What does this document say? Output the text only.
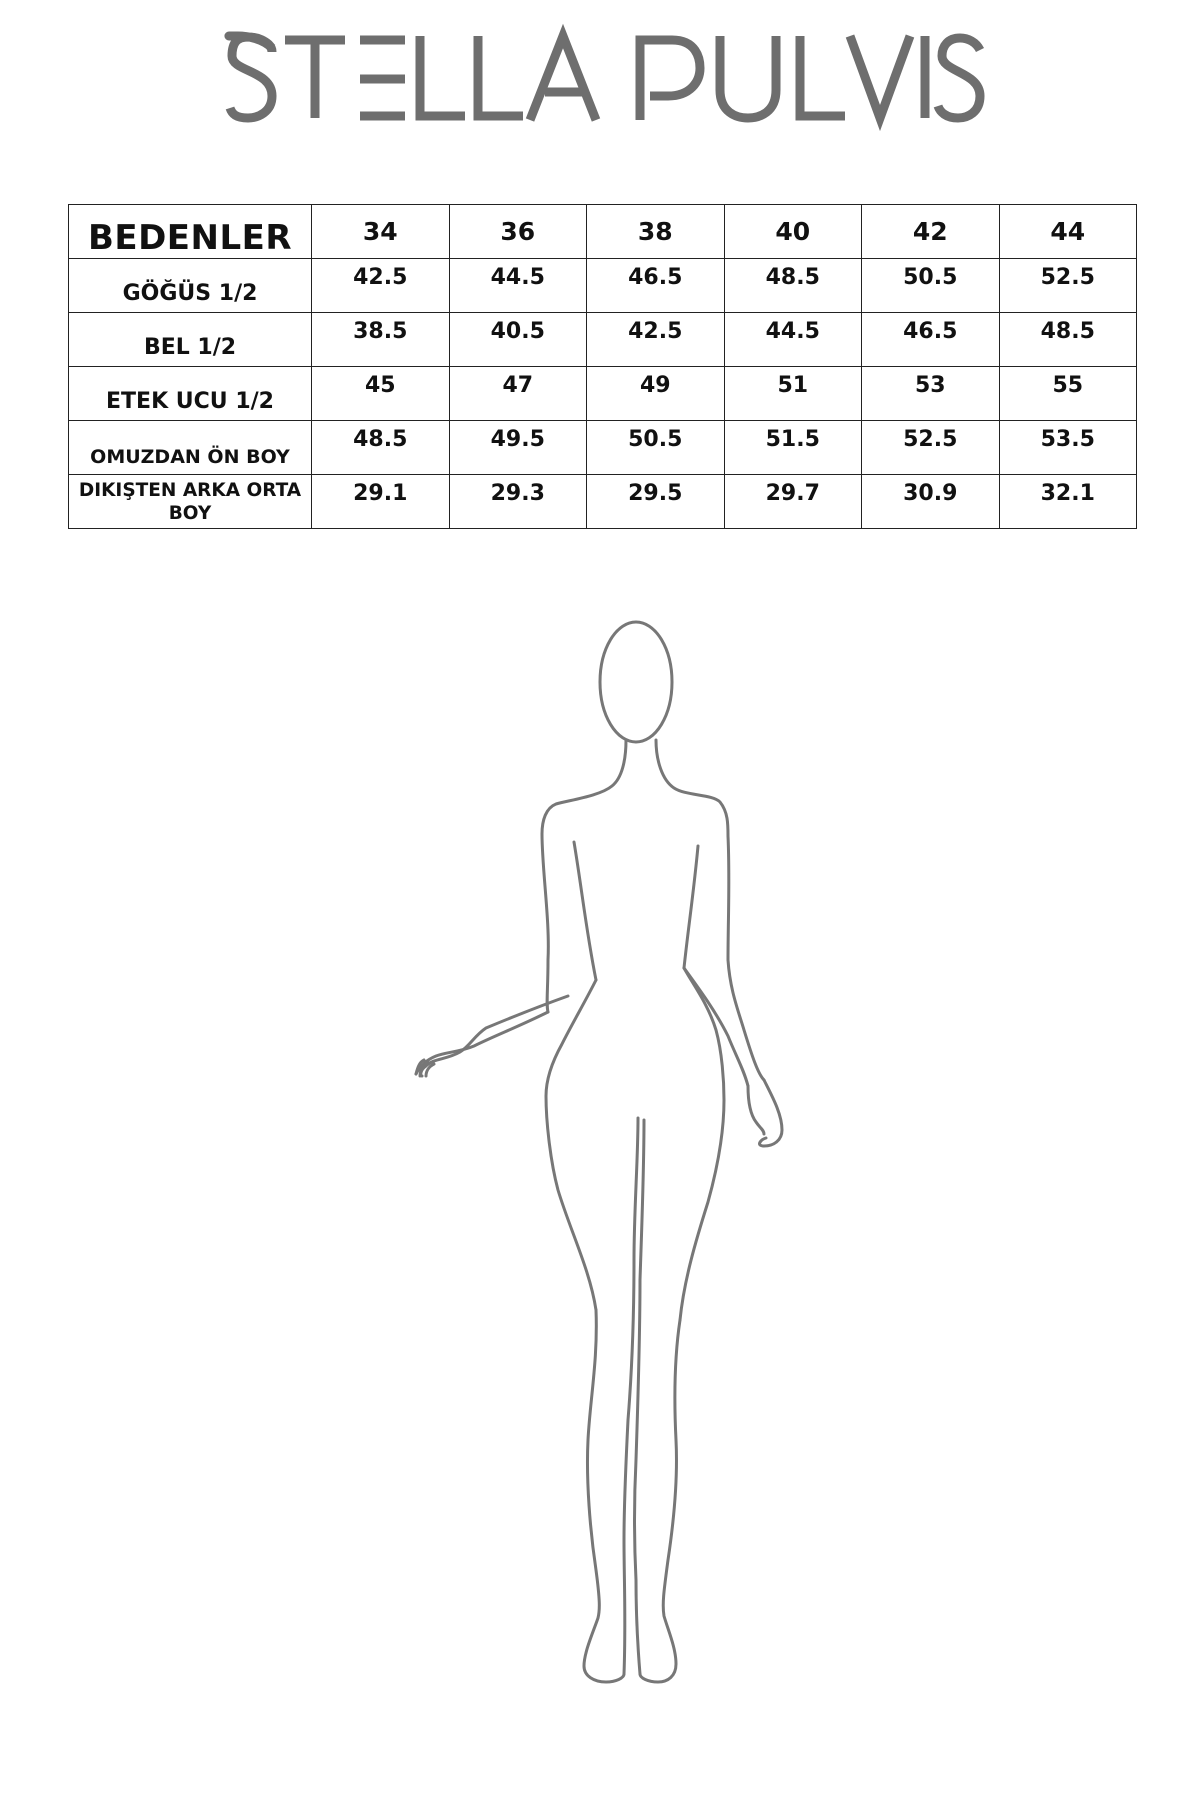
BEDENLER	34	36	38	40	42	44
GÖĞÜS 1/2	42.5	44.5	46.5	48.5	50.5	52.5
BEL 1/2	38.5	40.5	42.5	44.5	46.5	48.5
ETEK UCU 1/2	45	47	49	51	53	55
OMUZDAN ÖN BOY	48.5	49.5	50.5	51.5	52.5	53.5
DIKIŞTEN ARKA ORTA BOY	29.1	29.3	29.5	29.7	30.9	32.1
